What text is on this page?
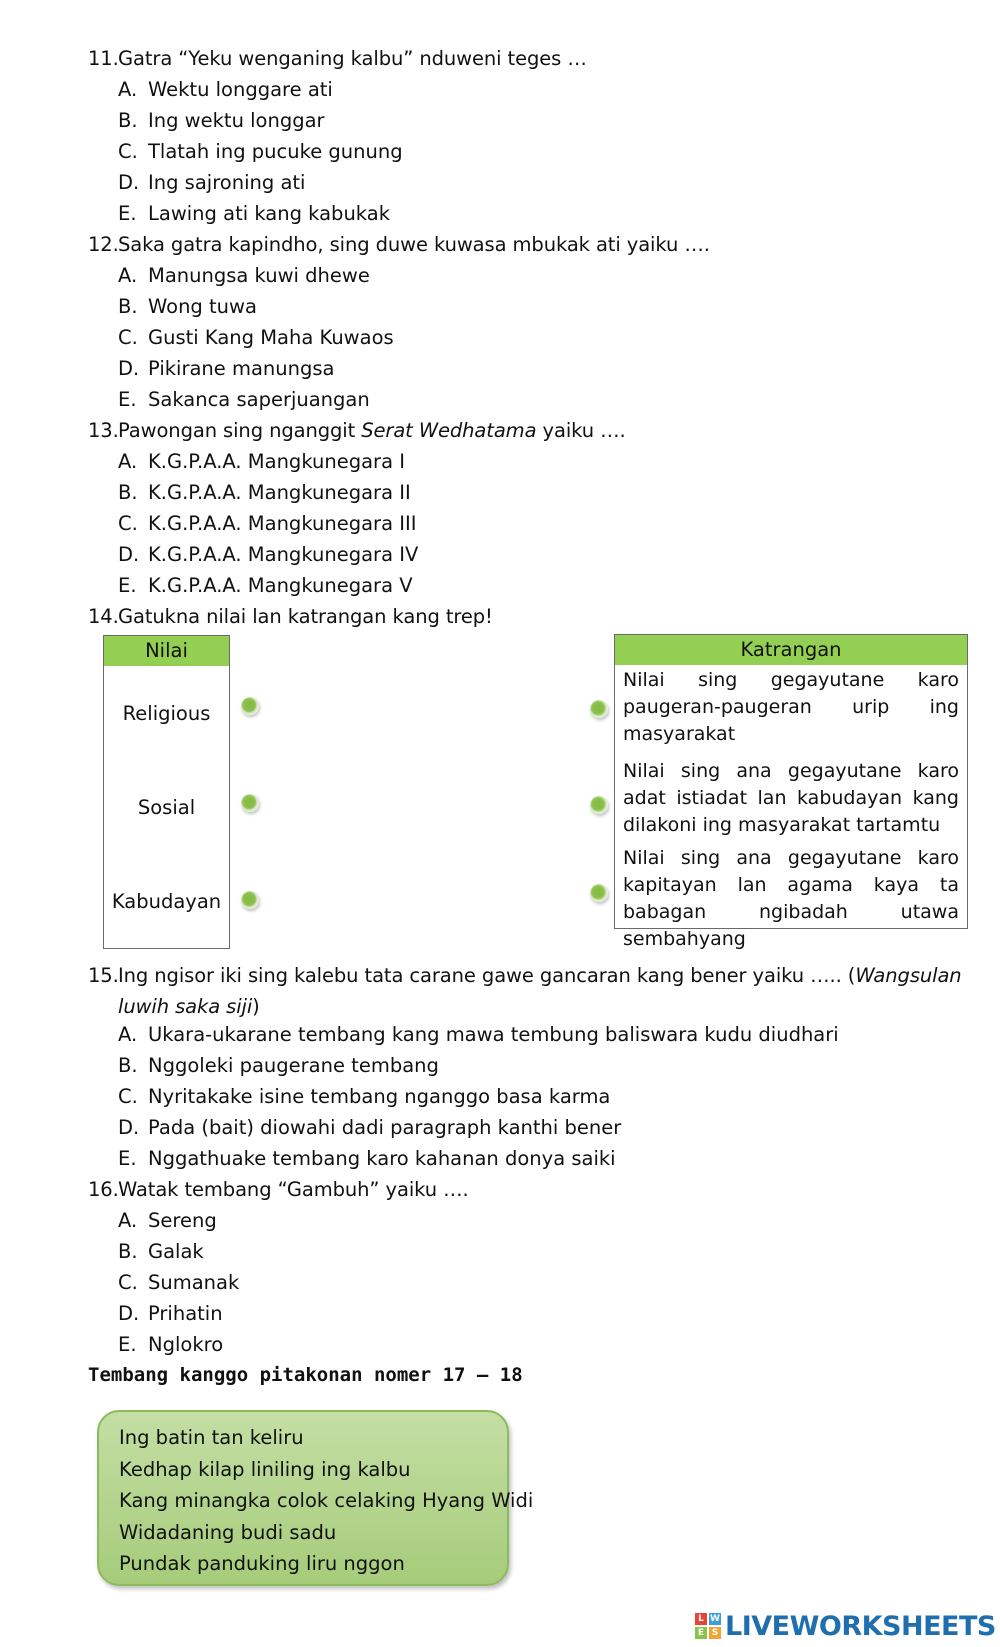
11. Gatra “Yeku wenganing kalbu” nduweni teges …
A. Wektu longgare ati
B. Ing wektu longgar
C. Tlatah ing pucuke gunung
D. Ing sajroning ati
E. Lawing ati kang kabukak
12. Saka gatra kapindho, sing duwe kuwasa mbukak ati yaiku ….
A. Manungsa kuwi dhewe
B. Wong tuwa
C. Gusti Kang Maha Kuwaos
D. Pikirane manungsa
E. Sakanca saperjuangan
13. Pawongan sing nganggit Serat Wedhatama yaiku ….
A. K.G.P.A.A. Mangkunegara I
B. K.G.P.A.A. Mangkunegara II
C. K.G.P.A.A. Mangkunegara III
D. K.G.P.A.A. Mangkunegara IV
E. K.G.P.A.A. Mangkunegara V
14. Gatukna nilai lan katrangan kang trep!
Nilai
Religious
Sosial
Kabudayan
Katrangan
Nilai sing gegayutane karo paugeran-paugeran urip ing masyarakat
Nilai sing ana gegayutane karo adat istiadat lan kabudayan kang dilakoni ing masyarakat tartamtu
Nilai sing ana gegayutane karo kapitayan lan agama kaya ta babagan ngibadah utawa sembahyang
15. Ing ngisor iki sing kalebu tata carane gawe gancaran kang bener yaiku ….. (Wangsulan luwih saka siji)
A. Ukara-ukarane tembang kang mawa tembung baliswara kudu diudhari
B. Nggoleki paugerane tembang
C. Nyritakake isine tembang nganggo basa karma
D. Pada (bait) diowahi dadi paragraph kanthi bener
E. Nggathuake tembang karo kahanan donya saiki
16. Watak tembang “Gambuh” yaiku ….
A. Sereng
B. Galak
C. Sumanak
D. Prihatin
E. Nglokro
Tembang kanggo pitakonan nomer 17 – 18
Ing batin tan keliru
Kedhap kilap liniling ing kalbu
Kang minangka colok celaking Hyang Widi
Widadaning budi sadu
Pundak panduking liru nggon
L W
E S LIVEWORKSHEETS
